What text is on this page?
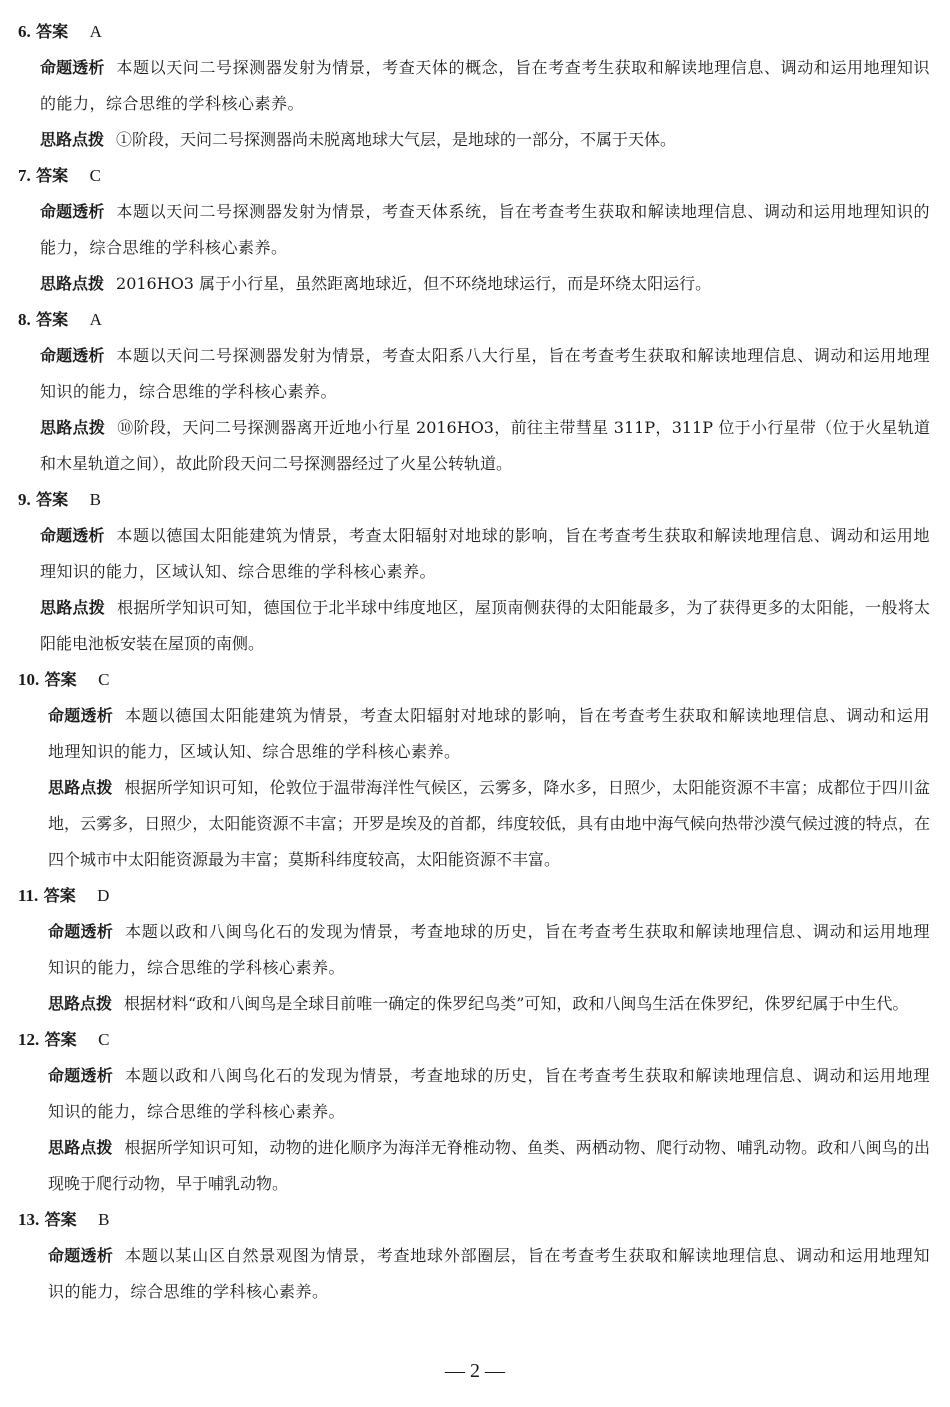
6. 答案 A

命题透析 本题以天问二号探测器发射为情景，考查天体的概念，旨在考查考生获取和解读地理信息、调动和运用地理知识的能力，综合思维的学科核心素养。

思路点拨 ①阶段，天问二号探测器尚未脱离地球大气层，是地球的一部分，不属于天体。

7. 答案 C

命题透析 本题以天问二号探测器发射为情景，考查天体系统，旨在考查考生获取和解读地理信息、调动和运用地理知识的能力，综合思维的学科核心素养。

思路点拨 2016HO3 属于小行星，虽然距离地球近，但不环绕地球运行，而是环绕太阳运行。

8. 答案 A

命题透析 本题以天问二号探测器发射为情景，考查太阳系八大行星，旨在考查考生获取和解读地理信息、调动和运用地理知识的能力，综合思维的学科核心素养。

思路点拨 ⑩阶段，天问二号探测器离开近地小行星 2016HO3，前往主带彗星 311P，311P 位于小行星带（位于火星轨道和木星轨道之间），故此阶段天问二号探测器经过了火星公转轨道。

9. 答案 B

命题透析 本题以德国太阳能建筑为情景，考查太阳辐射对地球的影响，旨在考查考生获取和解读地理信息、调动和运用地理知识的能力，区域认知、综合思维的学科核心素养。

思路点拨 根据所学知识可知，德国位于北半球中纬度地区，屋顶南侧获得的太阳能最多，为了获得更多的太阳能，一般将太阳能电池板安装在屋顶的南侧。

10. 答案 C

命题透析 本题以德国太阳能建筑为情景，考查太阳辐射对地球的影响，旨在考查考生获取和解读地理信息、调动和运用地理知识的能力，区域认知、综合思维的学科核心素养。

思路点拨 根据所学知识可知，伦敦位于温带海洋性气候区，云雾多，降水多，日照少，太阳能资源不丰富；成都位于四川盆地，云雾多，日照少，太阳能资源不丰富；开罗是埃及的首都，纬度较低，具有由地中海气候向热带沙漠气候过渡的特点，在四个城市中太阳能资源最为丰富；莫斯科纬度较高，太阳能资源不丰富。

11. 答案 D

命题透析 本题以政和八闽鸟化石的发现为情景，考查地球的历史，旨在考查考生获取和解读地理信息、调动和运用地理知识的能力，综合思维的学科核心素养。

思路点拨 根据材料“政和八闽鸟是全球目前唯一确定的侏罗纪鸟类”可知，政和八闽鸟生活在侏罗纪，侏罗纪属于中生代。

12. 答案 C

命题透析 本题以政和八闽鸟化石的发现为情景，考查地球的历史，旨在考查考生获取和解读地理信息、调动和运用地理知识的能力，综合思维的学科核心素养。

思路点拨 根据所学知识可知，动物的进化顺序为海洋无脊椎动物、鱼类、两栖动物、爬行动物、哺乳动物。政和八闽鸟的出现晚于爬行动物，早于哺乳动物。

13. 答案 B

命题透析 本题以某山区自然景观图为情景，考查地球外部圈层，旨在考查考生获取和解读地理信息、调动和运用地理知识的能力，综合思维的学科核心素养。

— 2 —
